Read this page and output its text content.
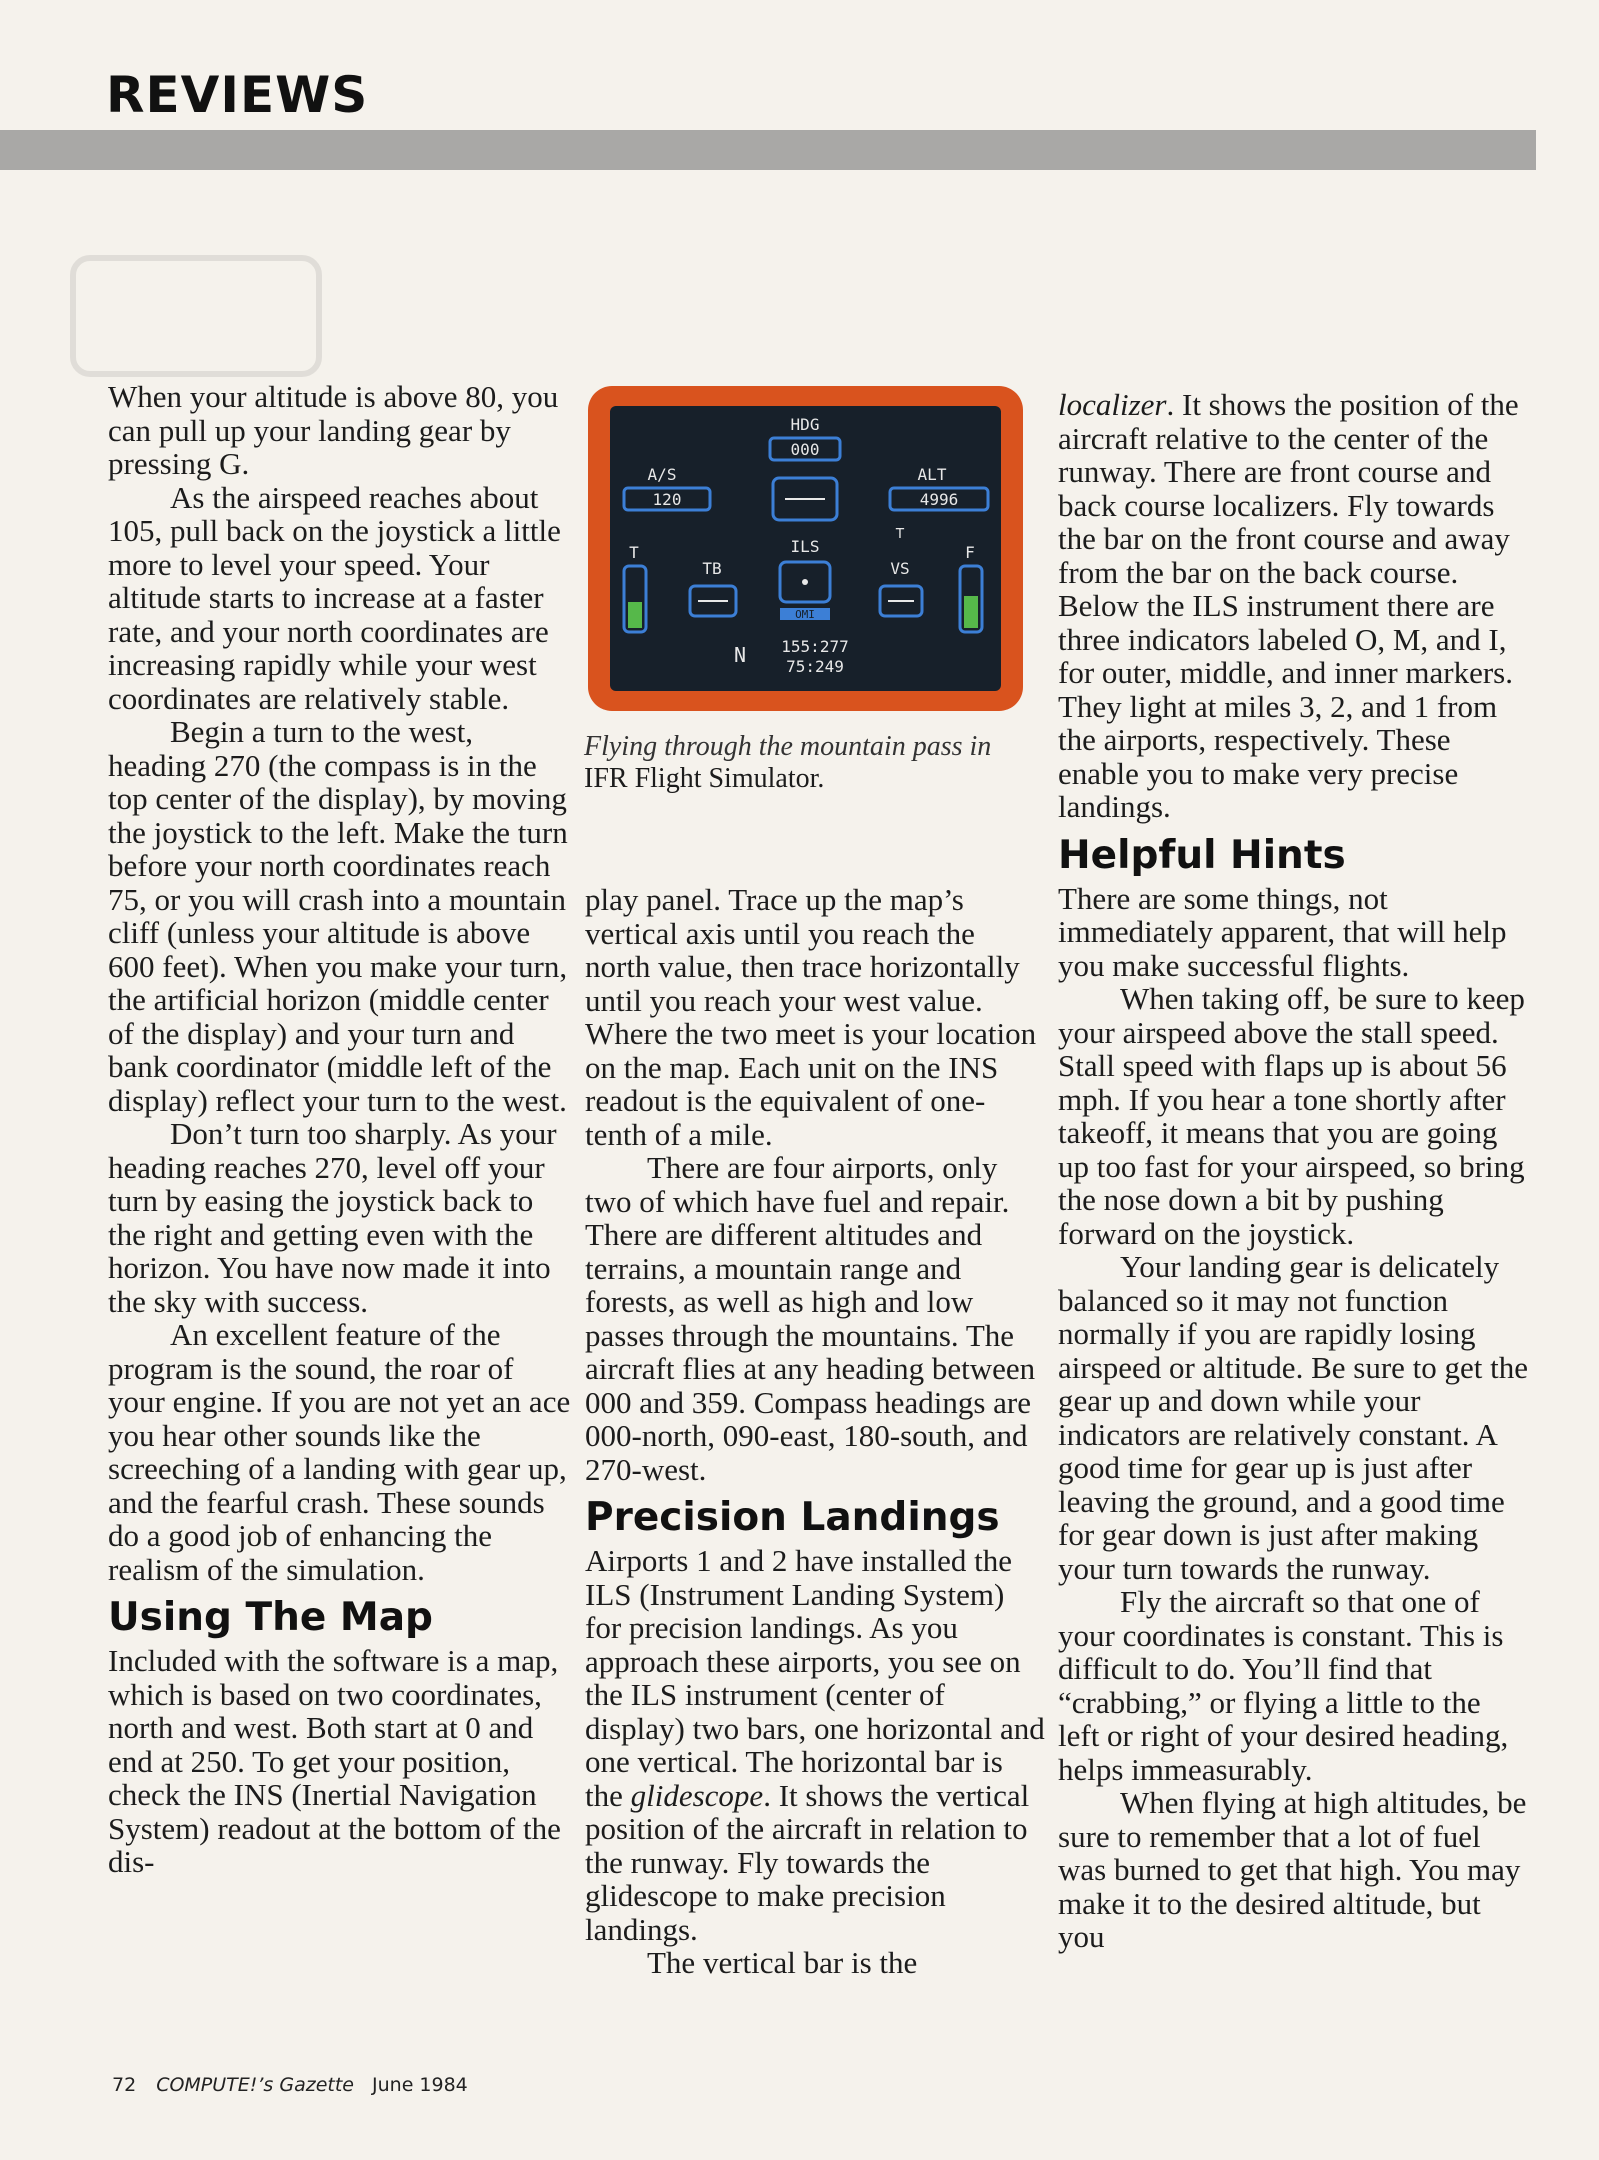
REVIEWS

When your altitude is above 80, you can pull up your landing gear by pressing G.

As the airspeed reaches about 105, pull back on the joystick a little more to level your speed. Your altitude starts to increase at a faster rate, and your north coordinates are increasing rapidly while your west coordinates are relatively stable.

Begin a turn to the west, heading 270 (the compass is in the top center of the display), by moving the joystick to the left. Make the turn before your north coordinates reach 75, or you will crash into a mountain cliff (unless your altitude is above 600 feet). When you make your turn, the artificial horizon (middle center of the display) and your turn and bank coordinator (middle left of the display) reflect your turn to the west.

Don’t turn too sharply. As your heading reaches 270, level off your turn by easing the joystick back to the right and getting even with the horizon. You have now made it into the sky with success.

An excellent feature of the program is the sound, the roar of your engine. If you are not yet an ace you hear other sounds like the screeching of a landing with gear up, and the fearful crash. These sounds do a good job of enhancing the realism of the simulation.

Using The Map

Included with the software is a map, which is based on two coordinates, north and west. Both start at 0 and end at 250. To get your position, check the INS (Inertial Navigation System) readout at the bottom of the dis-

HDG
000
A/S
120
ALT
4996
T	F
TB
ILS
OMI
⊤
VS
N 155:277
75:249

Flying through the mountain pass in
IFR Flight Simulator.

play panel. Trace up the map’s vertical axis until you reach the north value, then trace horizontally until you reach your west value. Where the two meet is your location on the map. Each unit on the INS readout is the equivalent of one-tenth of a mile.

There are four airports, only two of which have fuel and repair. There are different altitudes and terrains, a mountain range and forests, as well as high and low passes through the mountains. The aircraft flies at any heading between 000 and 359. Compass headings are 000-north, 090-east, 180-south, and 270-west.

Precision Landings

Airports 1 and 2 have installed the ILS (Instrument Landing System) for precision landings. As you approach these airports, you see on the ILS instrument (center of display) two bars, one horizontal and one vertical. The horizontal bar is the glidescope. It shows the vertical position of the aircraft in relation to the runway. Fly towards the glidescope to make precision landings.

The vertical bar is the

localizer. It shows the position of the aircraft relative to the center of the runway. There are front course and back course localizers. Fly towards the bar on the front course and away from the bar on the back course. Below the ILS instrument there are three indicators labeled O, M, and I, for outer, middle, and inner markers. They light at miles 3, 2, and 1 from the airports, respectively. These enable you to make very precise landings.

Helpful Hints

There are some things, not immediately apparent, that will help you make successful flights.

When taking off, be sure to keep your airspeed above the stall speed. Stall speed with flaps up is about 56 mph. If you hear a tone shortly after takeoff, it means that you are going up too fast for your airspeed, so bring the nose down a bit by pushing forward on the joystick.

Your landing gear is delicately balanced so it may not function normally if you are rapidly losing airspeed or altitude. Be sure to get the gear up and down while your indicators are relatively constant. A good time for gear up is just after leaving the ground, and a good time for gear down is just after making your turn towards the runway.

Fly the aircraft so that one of your coordinates is constant. This is difficult to do. You’ll find that “crabbing,” or flying a little to the left or right of your desired heading, helps immeasurably.

When flying at high altitudes, be sure to remember that a lot of fuel was burned to get that high. You may make it to the desired altitude, but you

72 COMPUTE!’s Gazette June 1984
